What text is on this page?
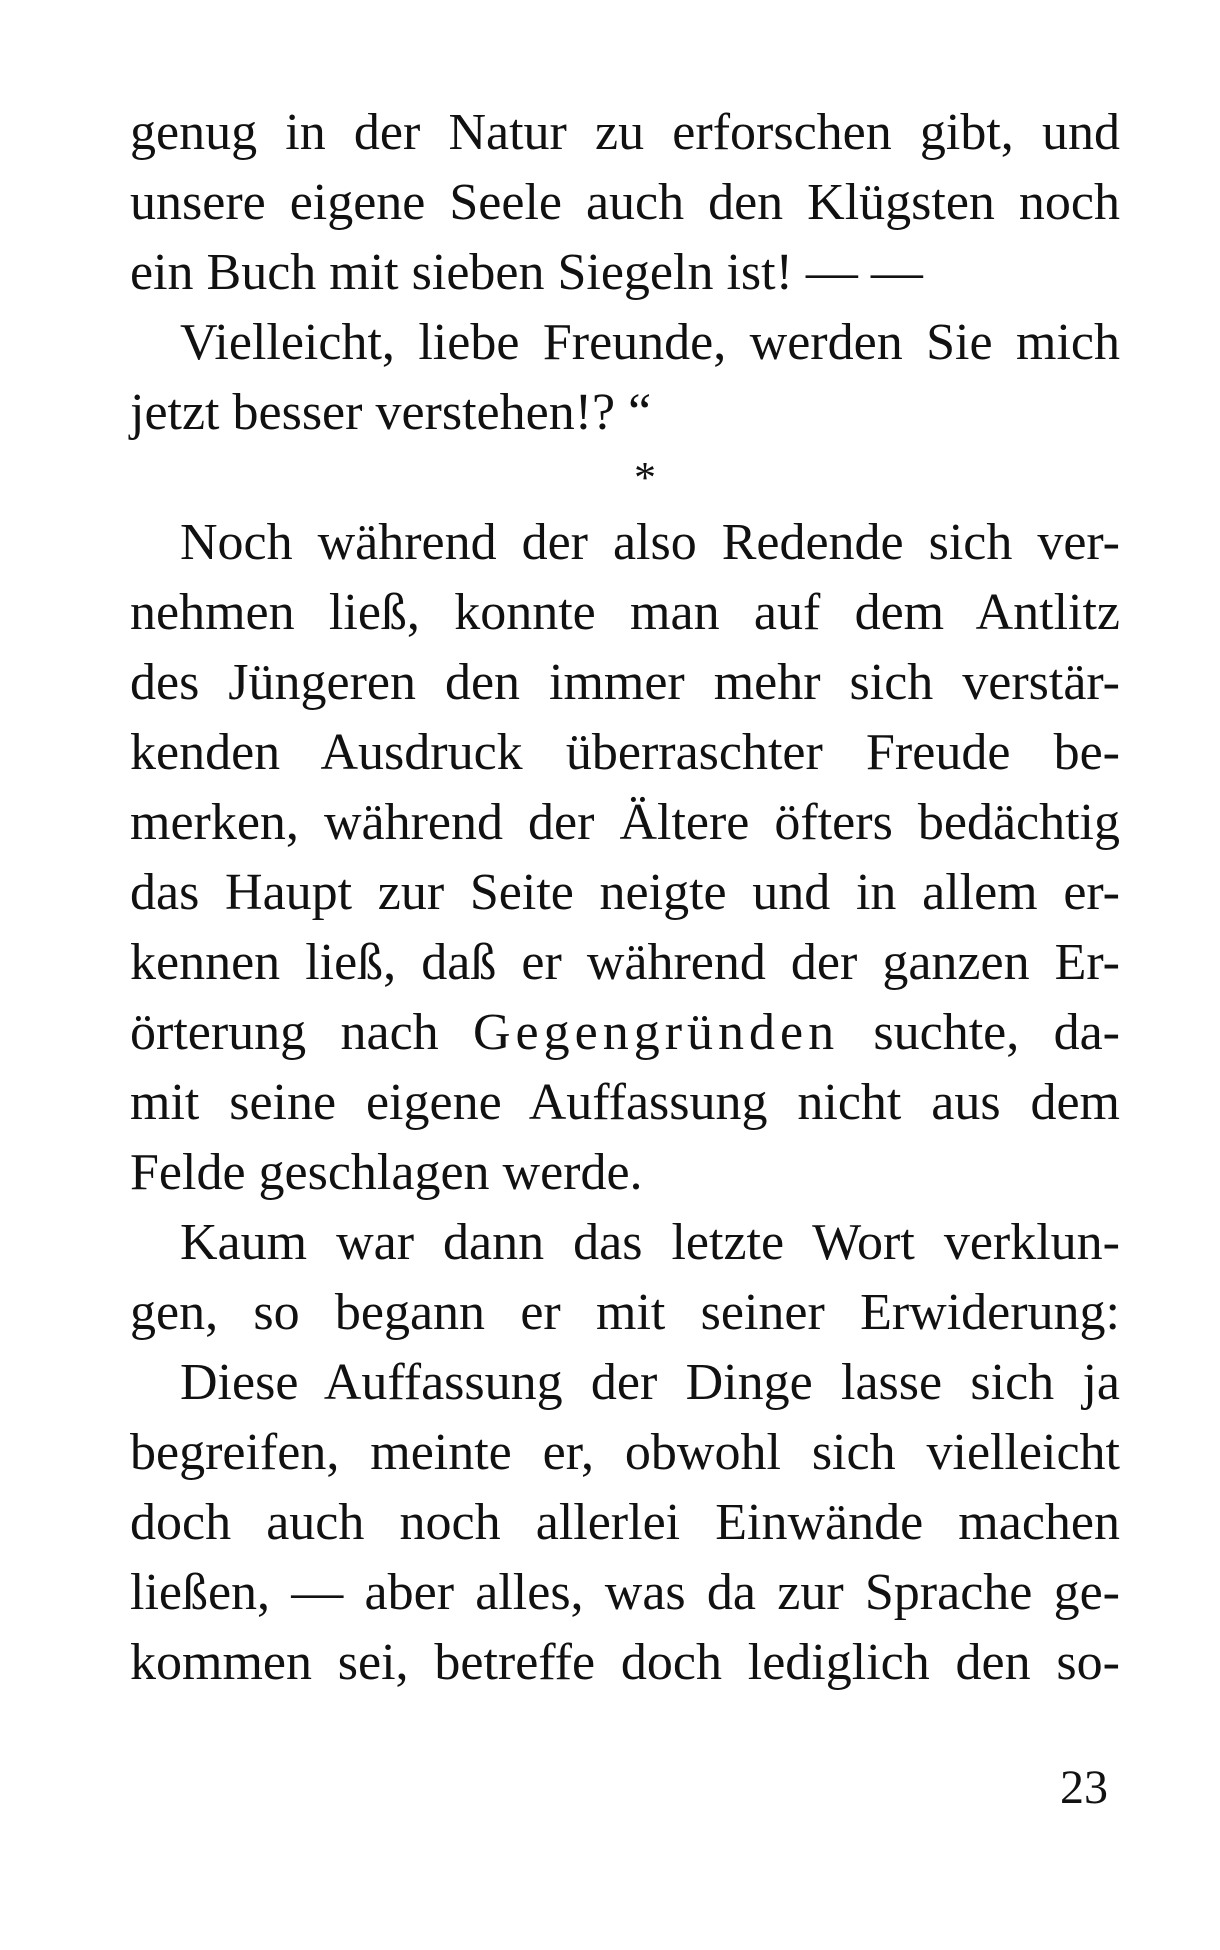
genug in der Natur zu erforschen gibt, und
unsere eigene Seele auch den Klügsten noch
ein Buch mit sieben Siegeln ist! — —
Vielleicht, liebe Freunde, werden Sie mich
jetzt besser verstehen!? “
*
Noch während der also Redende sich ver-
nehmen ließ, konnte man auf dem Antlitz
des Jüngeren den immer mehr sich verstär-
kenden Ausdruck überraschter Freude be-
merken, während der Ältere öfters bedächtig
das Haupt zur Seite neigte und in allem er-
kennen ließ, daß er während der ganzen Er-
örterung nach Gegengründen suchte, da-
mit seine eigene Auffassung nicht aus dem
Felde geschlagen werde.
Kaum war dann das letzte Wort verklun-
gen, so begann er mit seiner Erwiderung:
Diese Auffassung der Dinge lasse sich ja
begreifen, meinte er, obwohl sich vielleicht
doch auch noch allerlei Einwände machen
ließen, — aber alles, was da zur Sprache ge-
kommen sei, betreffe doch lediglich den so-
23
